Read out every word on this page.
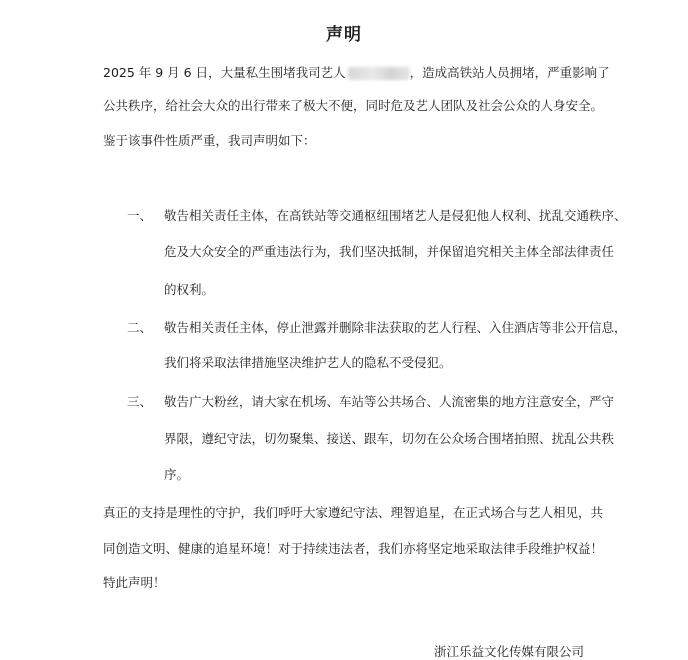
声明

2025 年 9 月 6 日，大量私生围堵我司艺人	，造成高铁站人员拥堵，严重影响了

公共秩序，给社会大众的出行带来了极大不便，同时危及艺人团队及社会公众的人身安全。

鉴于该事件性质严重，我司声明如下：

一、 敬告相关责任主体，在高铁站等交通枢纽围堵艺人是侵犯他人权利、扰乱交通秩序、

危及大众安全的严重违法行为，我们坚决抵制，并保留追究相关主体全部法律责任

的权利。

二、 敬告相关责任主体，停止泄露并删除非法获取的艺人行程、入住酒店等非公开信息，

我们将采取法律措施坚决维护艺人的隐私不受侵犯。

三、 敬告广大粉丝，请大家在机场、车站等公共场合、人流密集的地方注意安全，严守

界限，遵纪守法，切勿聚集、接送、跟车，切勿在公众场合围堵拍照、扰乱公共秩

序。

真正的支持是理性的守护，我们呼吁大家遵纪守法、理智追星，在正式场合与艺人相见，共

同创造文明、健康的追星环境！对于持续违法者，我们亦将坚定地采取法律手段维护权益！

特此声明！

浙江乐益文化传媒有限公司
